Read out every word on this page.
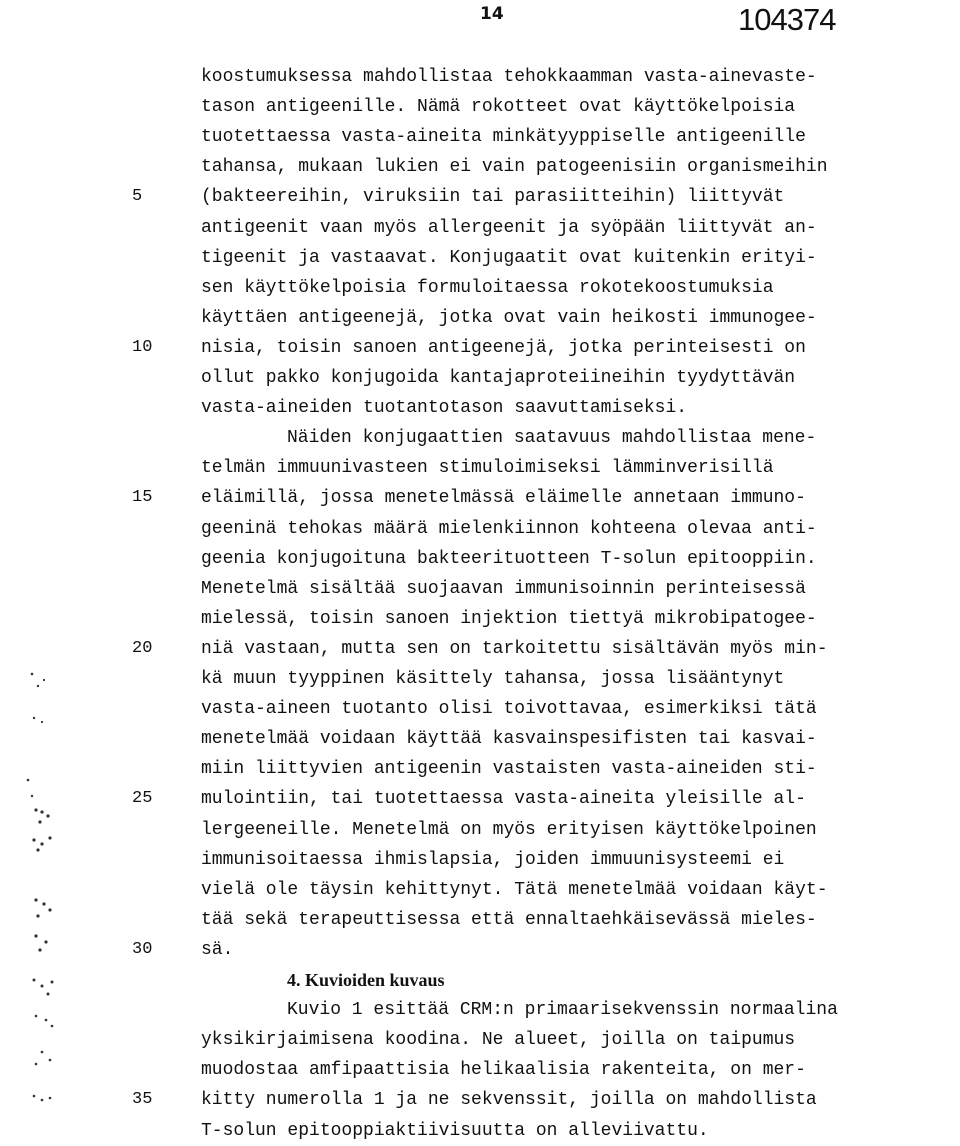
14	104374
koostumuksessa mahdollistaa tehokkaamman vasta-ainevaste-
tason antigeenille. Nämä rokotteet ovat käyttökelpoisia
tuotettaessa vasta-aineita minkätyyppiselle antigeenille
tahansa, mukaan lukien ei vain patogeenisiin organismeihin
(bakteereihin, viruksiin tai parasiitteihin) liittyvät
antigeenit vaan myös allergeenit ja syöpään liittyvät an-
tigeenit ja vastaavat. Konjugaatit ovat kuitenkin erityi-
sen käyttökelpoisia formuloitaessa rokotekoostumuksia
käyttäen antigeenejä, jotka ovat vain heikosti immunogee-
nisia, toisin sanoen antigeenejä, jotka perinteisesti on
ollut pakko konjugoida kantajaproteiineihin tyydyttävän
vasta-aineiden tuotantotason saavuttamiseksi.
Näiden konjugaattien saatavuus mahdollistaa mene-
telmän immuunivasteen stimuloimiseksi lämminverisillä
eläimillä, jossa menetelmässä eläimelle annetaan immuno-
geeninä tehokas määrä mielenkiinnon kohteena olevaa anti-
geenia konjugoituna bakteerituotteen T-solun epitooppiin.
Menetelmä sisältää suojaavan immunisoinnin perinteisessä
mielessä, toisin sanoen injektion tiettyä mikrobipatogee-
niä vastaan, mutta sen on tarkoitettu sisältävän myös min-
kä muun tyyppinen käsittely tahansa, jossa lisääntynyt
vasta-aineen tuotanto olisi toivottavaa, esimerkiksi tätä
menetelmää voidaan käyttää kasvainspesifisten tai kasvai-
miin liittyvien antigeenin vastaisten vasta-aineiden sti-
mulointiin, tai tuotettaessa vasta-aineita yleisille al-
lergeeneille. Menetelmä on myös erityisen käyttökelpoinen
immunisoitaessa ihmislapsia, joiden immuunisysteemi ei
vielä ole täysin kehittynyt. Tätä menetelmää voidaan käyt-
tää sekä terapeuttisessa että ennaltaehkäisevässä mieles-
sä.
4. Kuvioiden kuvaus
Kuvio 1 esittää CRM:n primaarisekvenssin normaalina
yksikirjaimisena koodina. Ne alueet, joilla on taipumus
muodostaa amfipaattisia helikaalisia rakenteita, on mer-
kitty numerolla 1 ja ne sekvenssit, joilla on mahdollista
T-solun epitooppiaktiivisuutta on alleviivattu.
5
10
15
20
25
30
35
